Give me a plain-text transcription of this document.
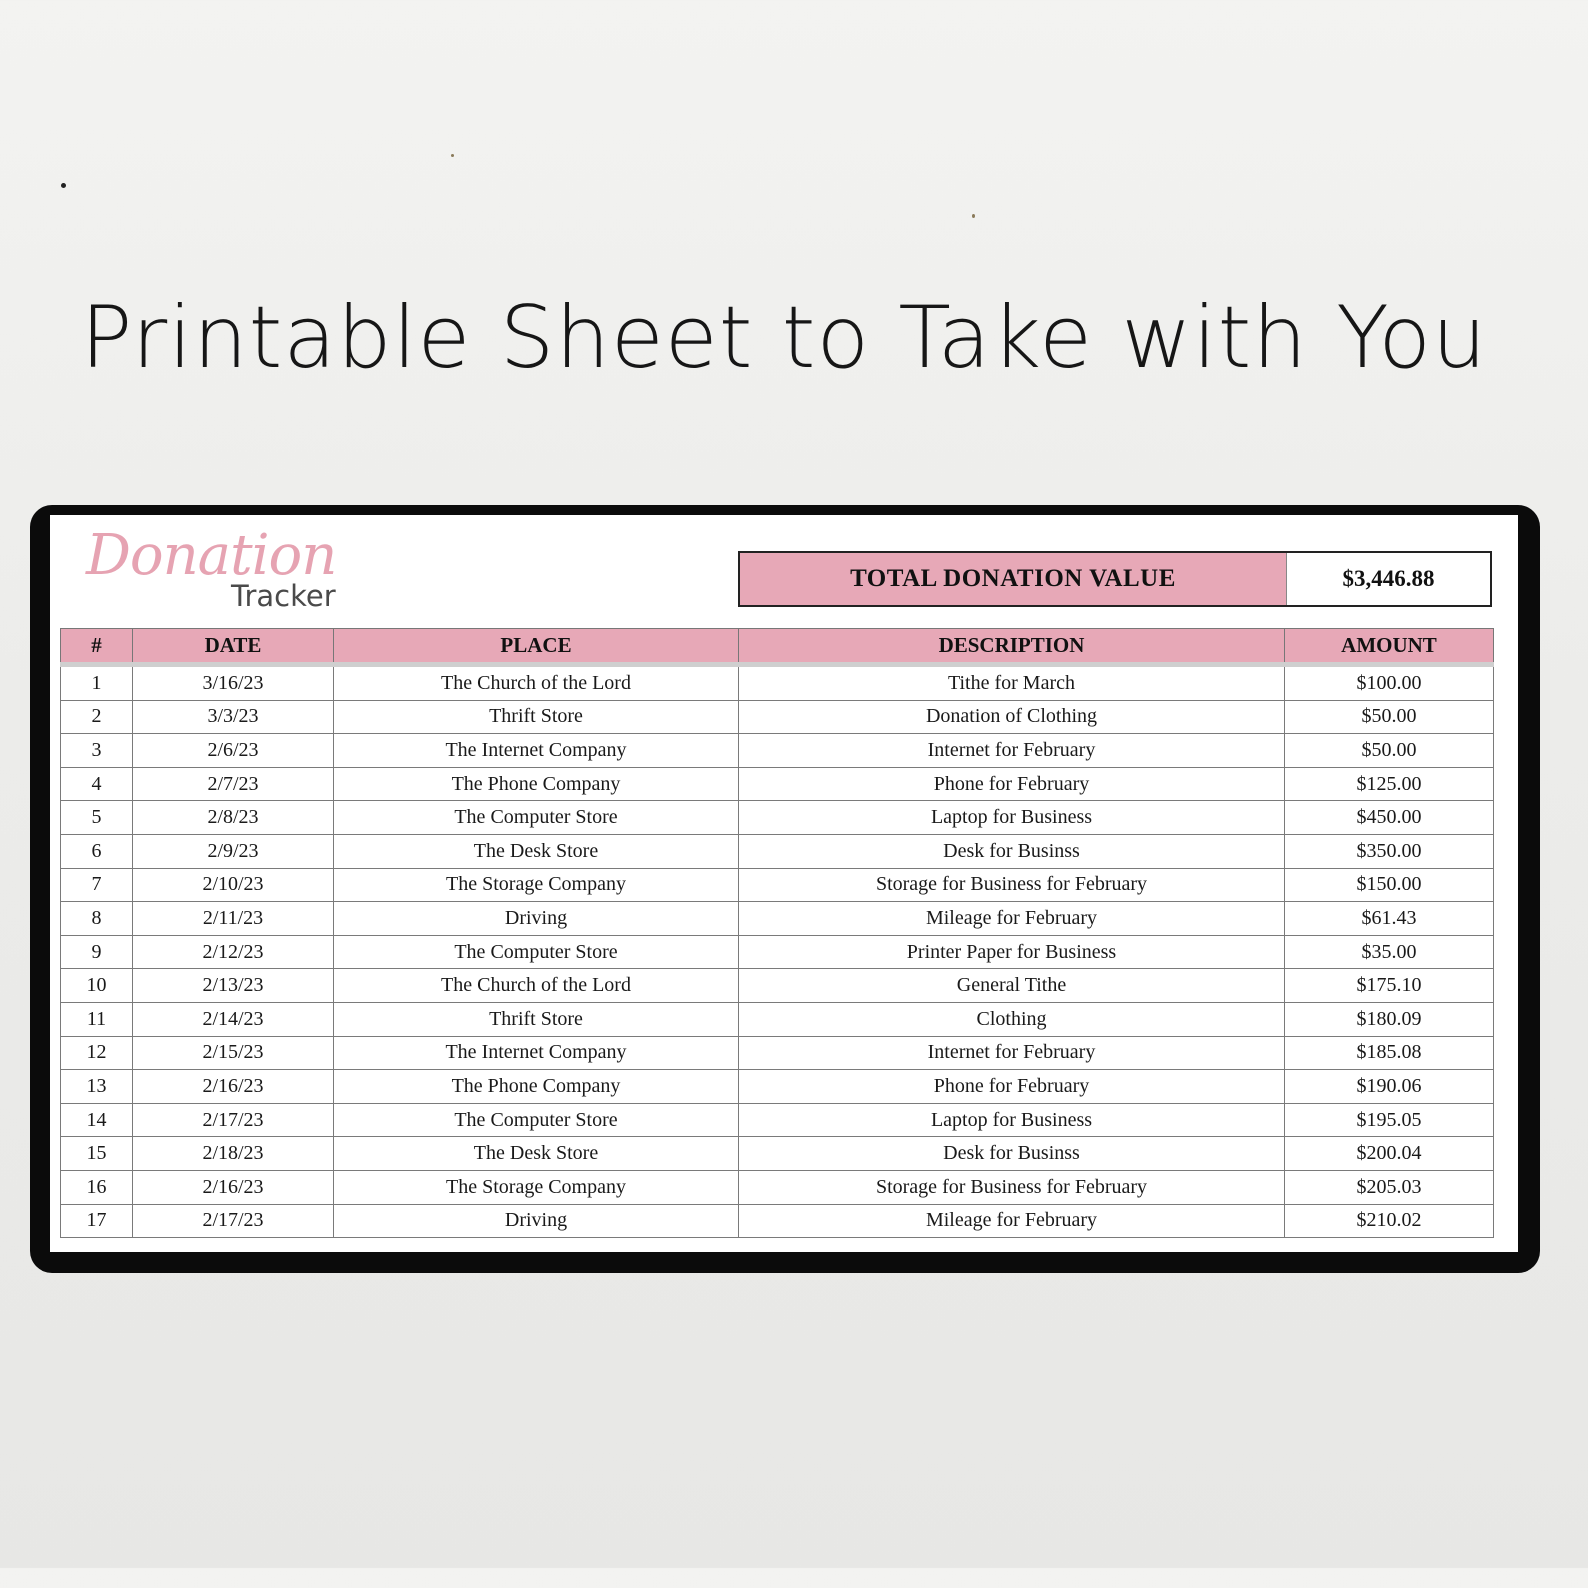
Printable Sheet to Take with You
Donation
Tracker
TOTAL DONATION VALUE	$3,446.88
#	DATE	PLACE	DESCRIPTION	AMOUNT
1	3/16/23	The Church of the Lord	Tithe for March	$100.00
2	3/3/23	Thrift Store	Donation of Clothing	$50.00
3	2/6/23	The Internet Company	Internet for February	$50.00
4	2/7/23	The Phone Company	Phone for February	$125.00
5	2/8/23	The Computer Store	Laptop for Business	$450.00
6	2/9/23	The Desk Store	Desk for Businss	$350.00
7	2/10/23	The Storage Company	Storage for Business for February	$150.00
8	2/11/23	Driving	Mileage for February	$61.43
9	2/12/23	The Computer Store	Printer Paper for Business	$35.00
10	2/13/23	The Church of the Lord	General Tithe	$175.10
11	2/14/23	Thrift Store	Clothing	$180.09
12	2/15/23	The Internet Company	Internet for February	$185.08
13	2/16/23	The Phone Company	Phone for February	$190.06
14	2/17/23	The Computer Store	Laptop for Business	$195.05
15	2/18/23	The Desk Store	Desk for Businss	$200.04
16	2/16/23	The Storage Company	Storage for Business for February	$205.03
17	2/17/23	Driving	Mileage for February	$210.02
